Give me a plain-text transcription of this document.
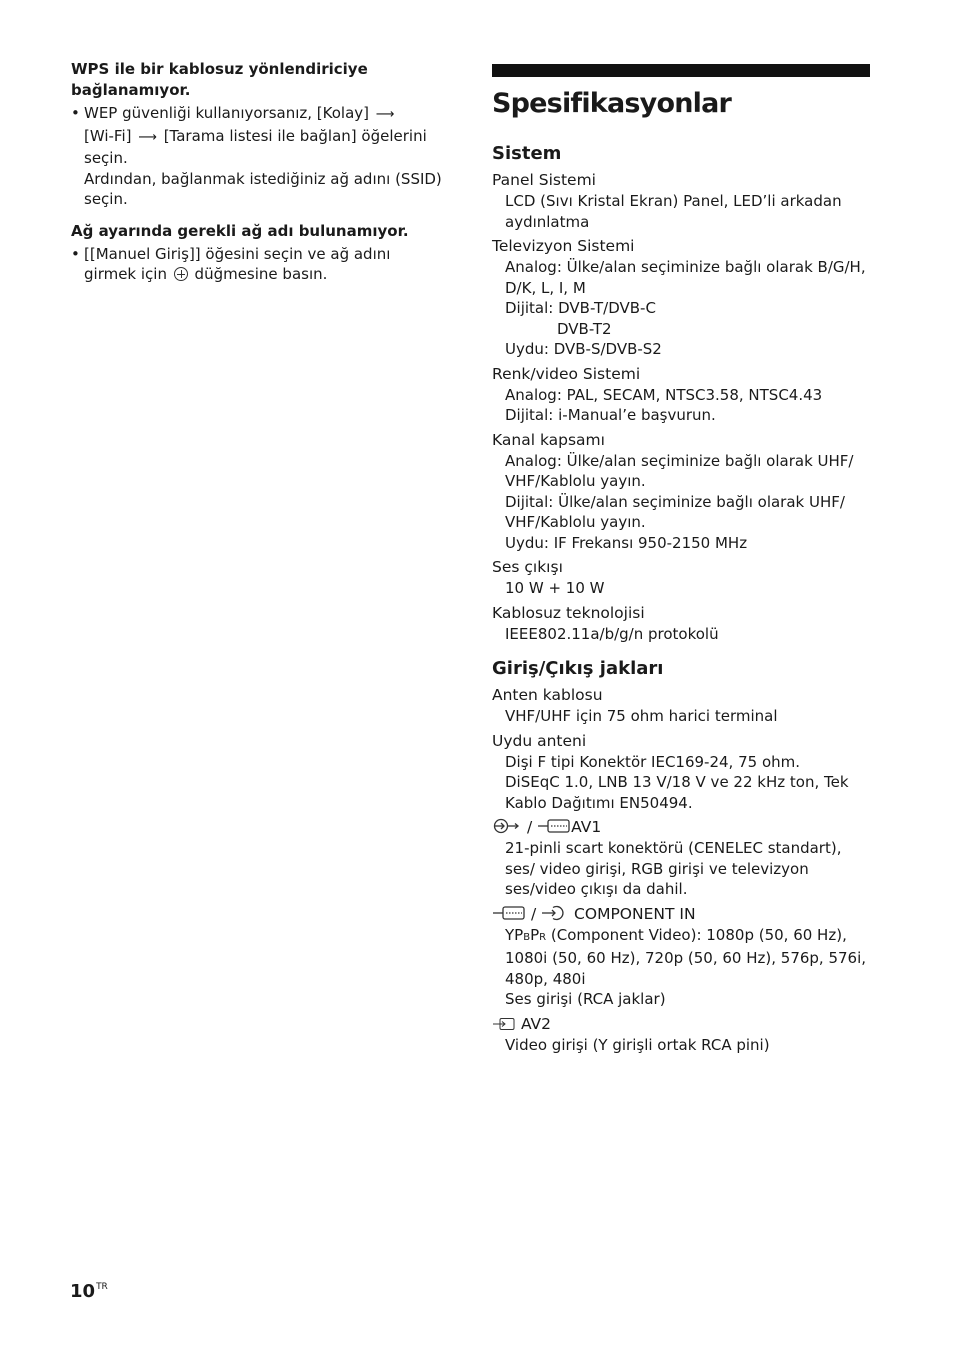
WPS ile bir kablosuz yönlendiriciye bağlanamıyor.

• WEP güvenliği kullanıyorsanız, [Kolay] ⟶
[Wi-Fi] ⟶ [Tarama listesi ile bağlan] öğelerini seçin.
Ardından, bağlanmak istediğiniz ağ adını (SSID) seçin.

Ağ ayarında gerekli ağ adı bulunamıyor.

• [[Manuel Giriş]] öğesini seçin ve ağ adını girmek için düğmesine basın.
Spesifikasyonlar
Sistem

Panel Sistemi

LCD (Sıvı Kristal Ekran) Panel, LED’li arkadan aydınlatma

Televizyon Sistemi

Analog: Ülke/alan seçiminize bağlı olarak B/G/H, D/K, L, I, M

Dijital: DVB-T/DVB-C

DVB-T2

Uydu: DVB-S/DVB-S2

Renk/video Sistemi

Analog: PAL, SECAM, NTSC3.58, NTSC4.43

Dijital: i-Manual’e başvurun.

Kanal kapsamı

Analog: Ülke/alan seçiminize bağlı olarak UHF/ VHF/Kablolu yayın.

Dijital: Ülke/alan seçiminize bağlı olarak UHF/ VHF/Kablolu yayın.

Uydu: IF Frekansı 950-2150 MHz

Ses çıkışı

10 W + 10 W

Kablosuz teknolojisi

IEEE802.11a/b/g/n protokolü

Giriş/Çıkış jakları

Anten kablosu

VHF/UHF için 75 ohm harici terminal

Uydu anteni

Dişi F tipi Konektör IEC169-24, 75 ohm.

DiSEqC 1.0, LNB 13 V/18 V ve 22 kHz ton, Tek Kablo Dağıtımı EN50494.

/	AV1

21-pinli scart konektörü (CENELEC standart), ses/ video girişi, RGB girişi ve televizyon ses/video çıkışı da dahil.

/ COMPONENT IN

YPBPR (Component Video): 1080p (50, 60 Hz), 1080i (50, 60 Hz), 720p (50, 60 Hz), 576p, 576i, 480p, 480i

Ses girişi (RCA jaklar)

AV2

Video girişi (Y girişli ortak RCA pini)

$10^{TR}$
